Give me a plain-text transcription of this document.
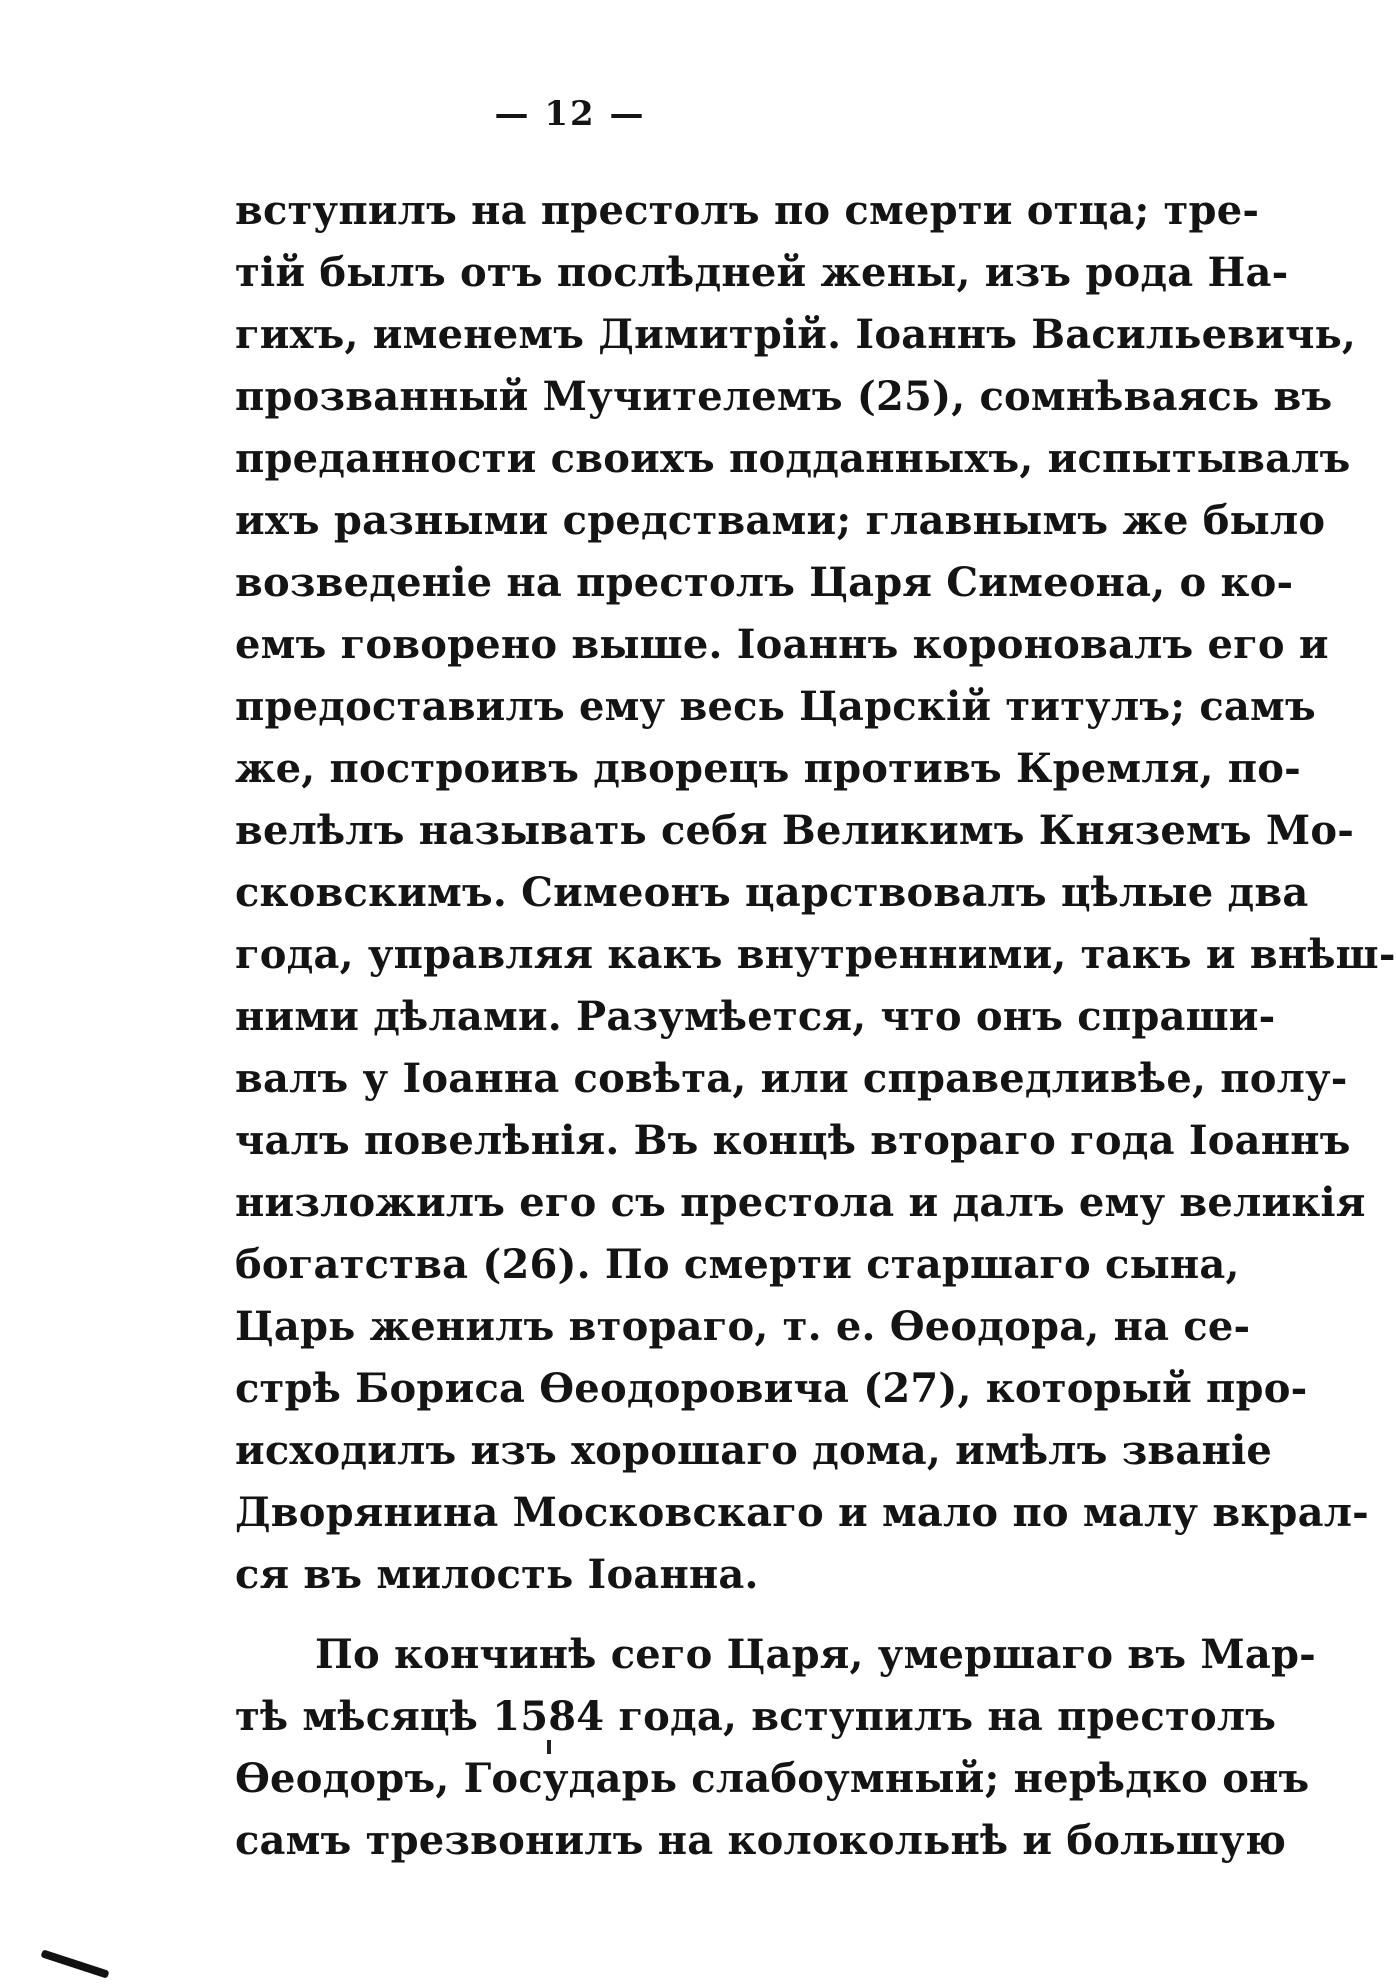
— 12 —
вступилъ на престолъ по смерти отца; тре-
тій былъ отъ послѣдней жены, изъ рода На-
гихъ, именемъ Димитрій. Іоаннъ Васильевичь,
прозванный Мучителемъ (25), сомнѣваясь въ
преданности своихъ подданныхъ, испытывалъ
ихъ разными средствами; главнымъ же было
возведеніе на престолъ Царя Симеона, о ко-
емъ говорено выше. Іоаннъ короновалъ его и
предоставилъ ему весь Царскій титулъ; самъ
же, построивъ дворецъ противъ Кремля, по-
велѣлъ называть себя Великимъ Княземъ Мо-
сковскимъ. Симеонъ царствовалъ цѣлые два
года, управляя какъ внутренними, такъ и внѣш-
ними дѣлами. Разумѣется, что онъ спраши-
валъ у Іоанна совѣта, или справедливѣе, полу-
чалъ повелѣнія. Въ концѣ втораго года Іоаннъ
низложилъ его съ престола и далъ ему великія
богатства (26). По смерти старшаго сына,
Царь женилъ втораго, т. е. Ѳеодора, на се-
стрѣ Бориса Ѳеодоровича (27), который про-
исходилъ изъ хорошаго дома, имѣлъ званіе
Дворянина Московскаго и мало по малу вкрал-
ся въ милость Іоанна.
По кончинѣ сего Царя, умершаго въ Мар-
тѣ мѣсяцѣ 1584 года, вступилъ на престолъ
Ѳеодоръ, Государь слабоумный; нерѣдко онъ
самъ трезвонилъ на колокольнѣ и большую
